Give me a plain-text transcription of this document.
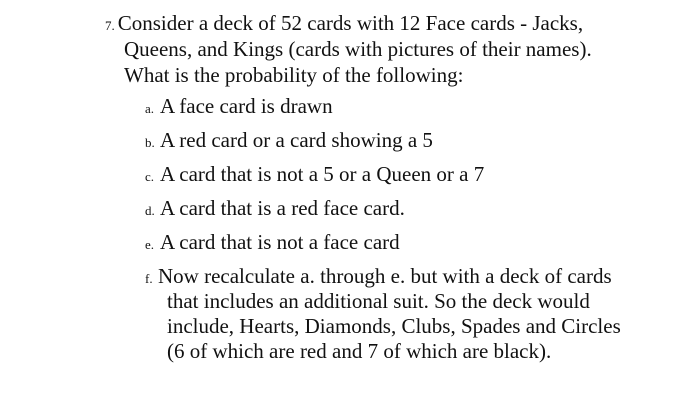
7. Consider a deck of 52 cards with 12 Face cards - Jacks,
Queens, and Kings (cards with pictures of their names).
What is the probability of the following:
a. A face card is drawn
b. A red card or a card showing a 5
c. A card that is not a 5 or a Queen or a 7
d. A card that is a red face card.
e. A card that is not a face card
f. Now recalculate a. through e. but with a deck of cards
that includes an additional suit. So the deck would
include, Hearts, Diamonds, Clubs, Spades and Circles
(6 of which are red and 7 of which are black).
